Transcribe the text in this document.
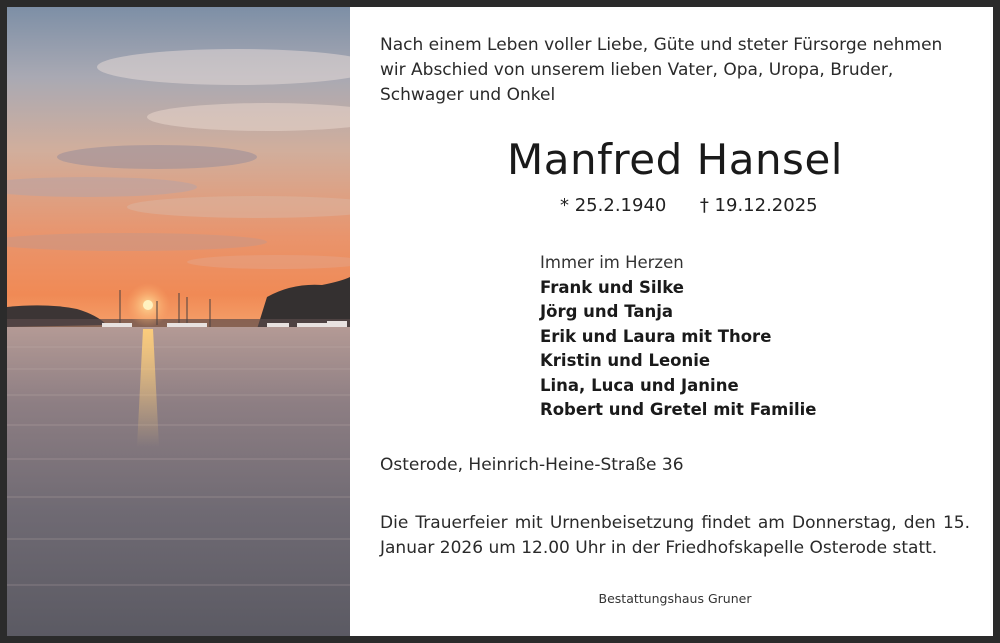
Nach einem Leben voller Liebe, Güte und steter Fürsorge nehmen wir Abschied von unserem lieben Vater, Opa, Uropa, Bruder, Schwager und Onkel
Manfred Hansel
* 25.2.1940 † 19.12.2025
Immer im Herzen
Frank und Silke
Jörg und Tanja
Erik und Laura mit Thore
Kristin und Leonie
Lina, Luca und Janine
Robert und Gretel mit Familie
Osterode, Heinrich-Heine-Straße 36
Die Trauerfeier mit Urnenbeisetzung findet am Donnerstag, den 15. Januar 2026 um 12.00 Uhr in der Friedhofskapelle Osterode statt.
Bestattungshaus Gruner
